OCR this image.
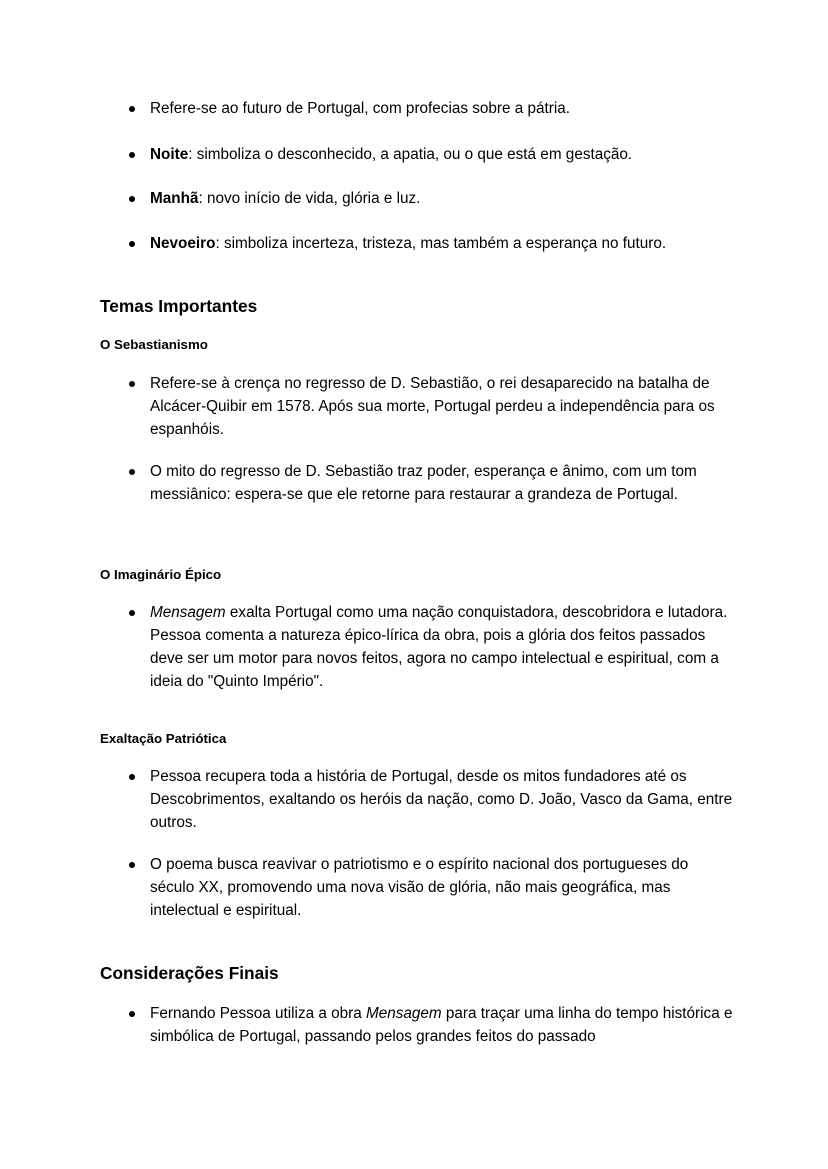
Refere-se ao futuro de Portugal, com profecias sobre a pátria.

Noite: simboliza o desconhecido, a apatia, ou o que está em gestação.

Manhã: novo início de vida, glória e luz.

Nevoeiro: simboliza incerteza, tristeza, mas também a esperança no futuro.

Temas Importantes
O Sebastianismo

Refere-se à crença no regresso de D. Sebastião, o rei desaparecido na batalha de Alcácer-Quibir em 1578. Após sua morte, Portugal perdeu a independência para os espanhóis.

O mito do regresso de D. Sebastião traz poder, esperança e ânimo, com um tom messiânico: espera-se que ele retorne para restaurar a grandeza de Portugal.

O Imaginário Épico

Mensagem exalta Portugal como uma nação conquistadora, descobridora e lutadora. Pessoa comenta a natureza épico-lírica da obra, pois a glória dos feitos passados deve ser um motor para novos feitos, agora no campo intelectual e espiritual, com a ideia do "Quinto Império".

Exaltação Patriótica

Pessoa recupera toda a história de Portugal, desde os mitos fundadores até os Descobrimentos, exaltando os heróis da nação, como D. João, Vasco da Gama, entre outros.

O poema busca reavivar o patriotismo e o espírito nacional dos portugueses do século XX, promovendo uma nova visão de glória, não mais geográfica, mas intelectual e espiritual.

Considerações Finais

Fernando Pessoa utiliza a obra Mensagem para traçar uma linha do tempo histórica e simbólica de Portugal, passando pelos grandes feitos do passado
